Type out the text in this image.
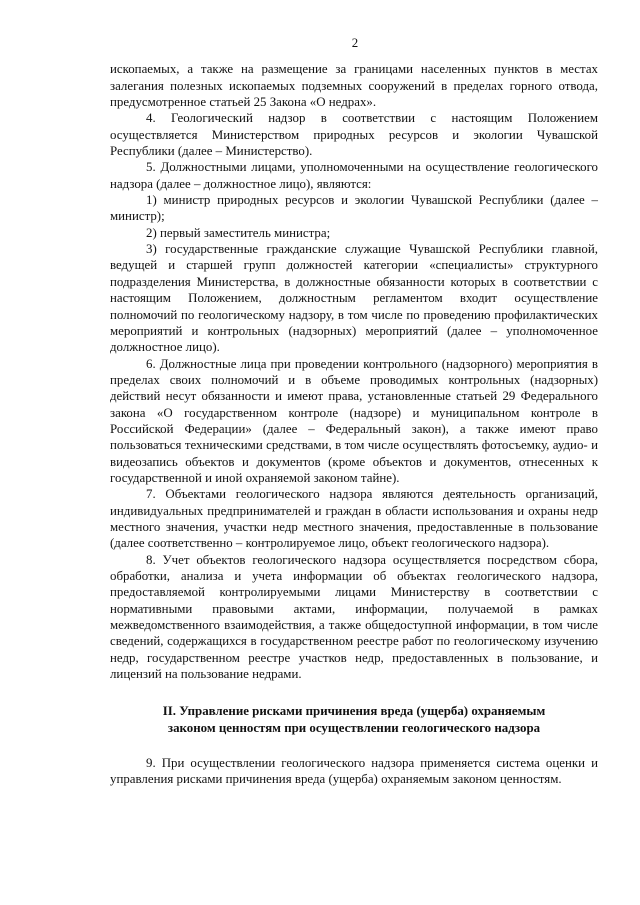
2

ископаемых, а также на размещение за границами населенных пунктов в местах залегания полезных ископаемых подземных сооружений в пределах горного отвода, предусмотренное статьей 25 Закона «О недрах».

4. Геологический надзор в соответствии с настоящим Положением осуществляется Министерством природных ресурсов и экологии Чувашской Республики (далее – Министерство).

5. Должностными лицами, уполномоченными на осуществление геологического надзора (далее – должностное лицо), являются:

1) министр природных ресурсов и экологии Чувашской Республики (далее – министр);

2) первый заместитель министра;

3) государственные гражданские служащие Чувашской Республики главной, ведущей и старшей групп должностей категории «специалисты» структурного подразделения Министерства, в должностные обязанности которых в соответствии с настоящим Положением, должностным регламентом входит осуществление полномочий по геологическому надзору, в том числе по проведению профилактических мероприятий и контрольных (надзорных) мероприятий (далее – уполномоченное должностное лицо).

6. Должностные лица при проведении контрольного (надзорного) мероприятия в пределах своих полномочий и в объеме проводимых контрольных (надзорных) действий несут обязанности и имеют права, установленные статьей 29 Федерального закона «О государственном контроле (надзоре) и муниципальном контроле в Российской Федерации» (далее – Федеральный закон), а также имеют право пользоваться техническими средствами, в том числе осуществлять фотосъемку, аудио- и видеозапись объектов и документов (кроме объектов и документов, отнесенных к государственной и иной охраняемой законом тайне).

7. Объектами геологического надзора являются деятельность организаций, индивидуальных предпринимателей и граждан в области использования и охраны недр местного значения, участки недр местного значения, предоставленные в пользование (далее соответственно – контролируемое лицо, объект геологического надзора).

8. Учет объектов геологического надзора осуществляется посредством сбора, обработки, анализа и учета информации об объектах геологического надзора, предоставляемой контролируемыми лицами Министерству в соответствии с нормативными правовыми актами, информации, получаемой в рамках межведомственного взаимодействия, а также общедоступной информации, в том числе сведений, содержащихся в государственном реестре работ по геологическому изучению недр, государственном реестре участков недр, предоставленных в пользование, и лицензий на пользование недрами.

II. Управление рисками причинения вреда (ущерба) охраняемым
законом ценностям при осуществлении геологического надзора

9. При осуществлении геологического надзора применяется система оценки и управления рисками причинения вреда (ущерба) охраняемым законом ценностям.
